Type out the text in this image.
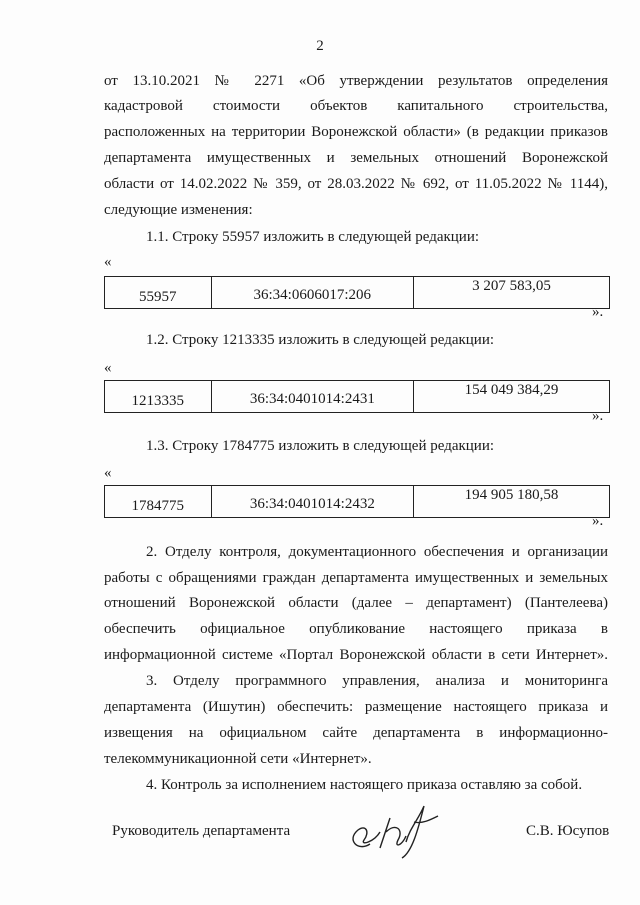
2
от 13.10.2021 № 2271 «Об утверждении результатов определения
кадастровой стоимости объектов капитального строительства,
расположенных на территории Воронежской области» (в редакции приказов
департамента имущественных и земельных отношений Воронежской
области от 14.02.2022 № 359, от 28.03.2022 № 692, от 11.05.2022 № 1144),
следующие изменения:
1.1. Строку 55957 изложить в следующей редакции:
«
55957	36:34:0606017:206	3 207 583,05
».
1.2. Строку 1213335 изложить в следующей редакции:
«
1213335	36:34:0401014:2431	154 049 384,29
».
1.3. Строку 1784775 изложить в следующей редакции:
«
1784775	36:34:0401014:2432	194 905 180,58
».
2. Отделу контроля, документационного обеспечения и организации
работы с обращениями граждан департамента имущественных и земельных
отношений Воронежской области (далее – департамент) (Пантелеева)
обеспечить официальное опубликование настоящего приказа в
информационной системе «Портал Воронежской области в сети Интернет».
3. Отделу программного управления, анализа и мониторинга
департамента (Ишутин) обеспечить: размещение настоящего приказа и
извещения на официальном сайте департамента в информационно-
телекоммуникационной сети «Интернет».
4. Контроль за исполнением настоящего приказа оставляю за собой.
Руководитель департамента	С.В. Юсупов
